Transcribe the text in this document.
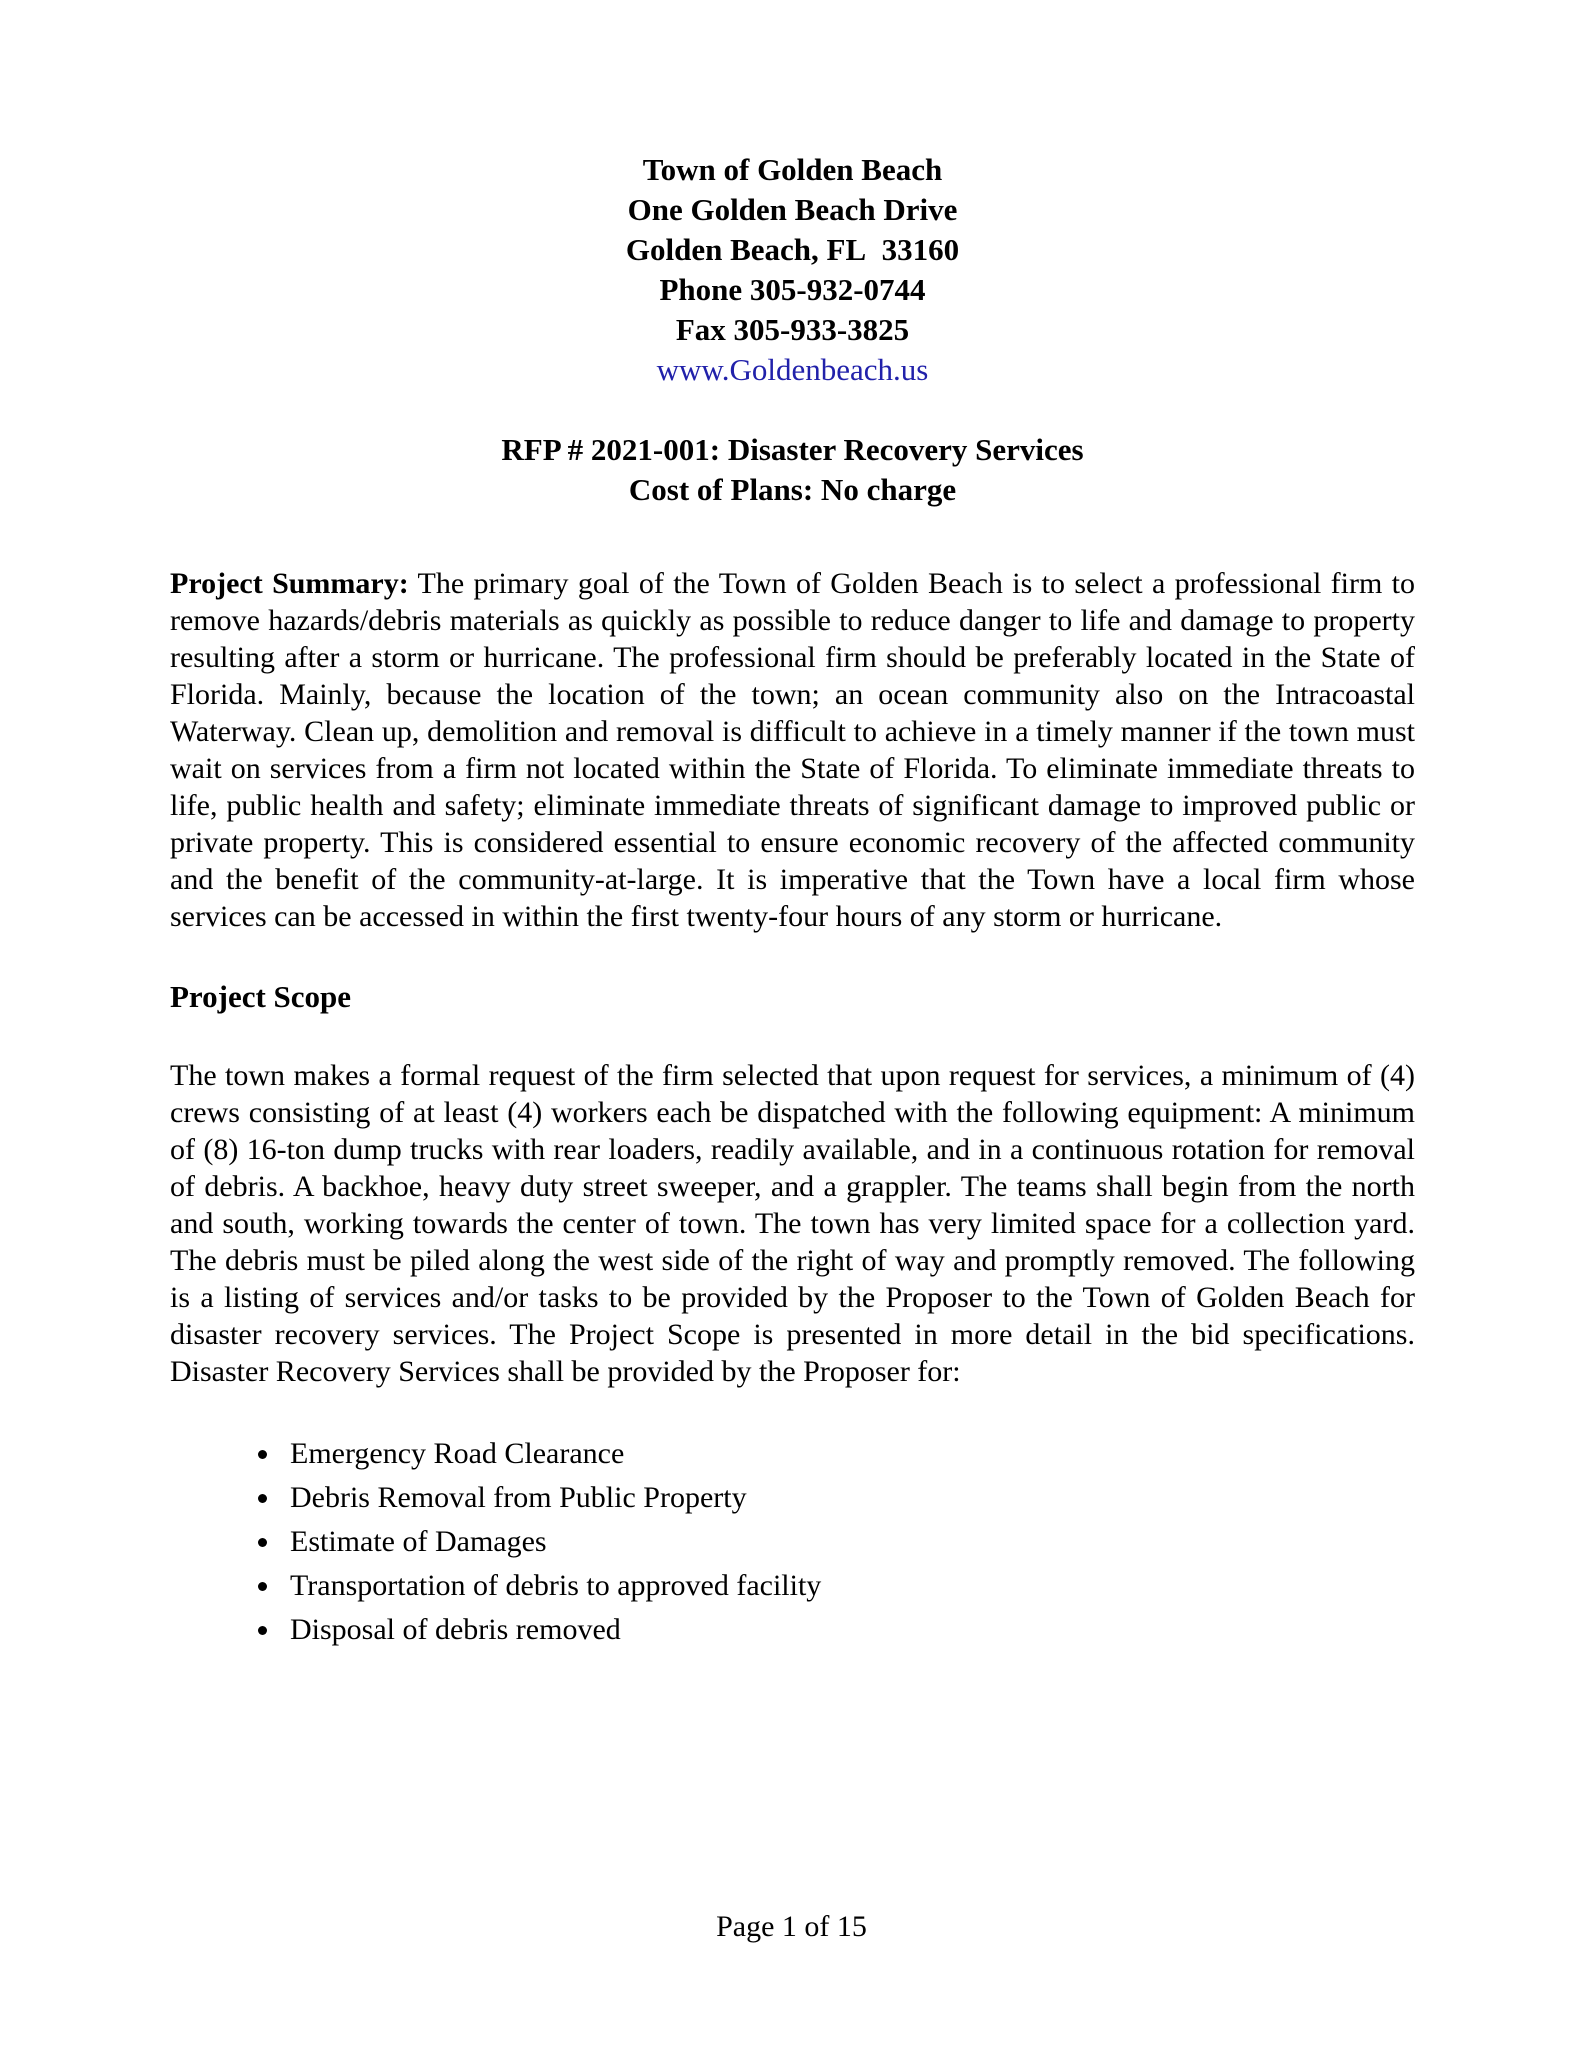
Town of Golden Beach
One Golden Beach Drive
Golden Beach, FL  33160
Phone 305-932-0744
Fax 305-933-3825
www.Goldenbeach.us
RFP # 2021-001: Disaster Recovery Services
Cost of Plans: No charge

Project Summary: The primary goal of the Town of Golden Beach is to select a professional firm to remove hazards/debris materials as quickly as possible to reduce danger to life and damage to property resulting after a storm or hurricane. The professional firm should be preferably located in the State of Florida. Mainly, because the location of the town; an ocean community also on the Intracoastal Waterway. Clean up, demolition and removal is difficult to achieve in a timely manner if the town must wait on services from a firm not located within the State of Florida. To eliminate immediate threats to life, public health and safety; eliminate immediate threats of significant damage to improved public or private property. This is considered essential to ensure economic recovery of the affected community and the benefit of the community-at-large. It is imperative that the Town have a local firm whose services can be accessed in within the first twenty-four hours of any storm or hurricane.

Project Scope

The town makes a formal request of the firm selected that upon request for services, a minimum of (4) crews consisting of at least (4) workers each be dispatched with the following equipment: A minimum of (8) 16-ton dump trucks with rear loaders, readily available, and in a continuous rotation for removal of debris. A backhoe, heavy duty street sweeper, and a grappler. The teams shall begin from the north and south, working towards the center of town. The town has very limited space for a collection yard. The debris must be piled along the west side of the right of way and promptly removed. The following is a listing of services and/or tasks to be provided by the Proposer to the Town of Golden Beach for disaster recovery services. The Project Scope is presented in more detail in the bid specifications. Disaster Recovery Services shall be provided by the Proposer for:

• Emergency Road Clearance
• Debris Removal from Public Property
• Estimate of Damages
• Transportation of debris to approved facility
• Disposal of debris removed
Page 1 of 15
